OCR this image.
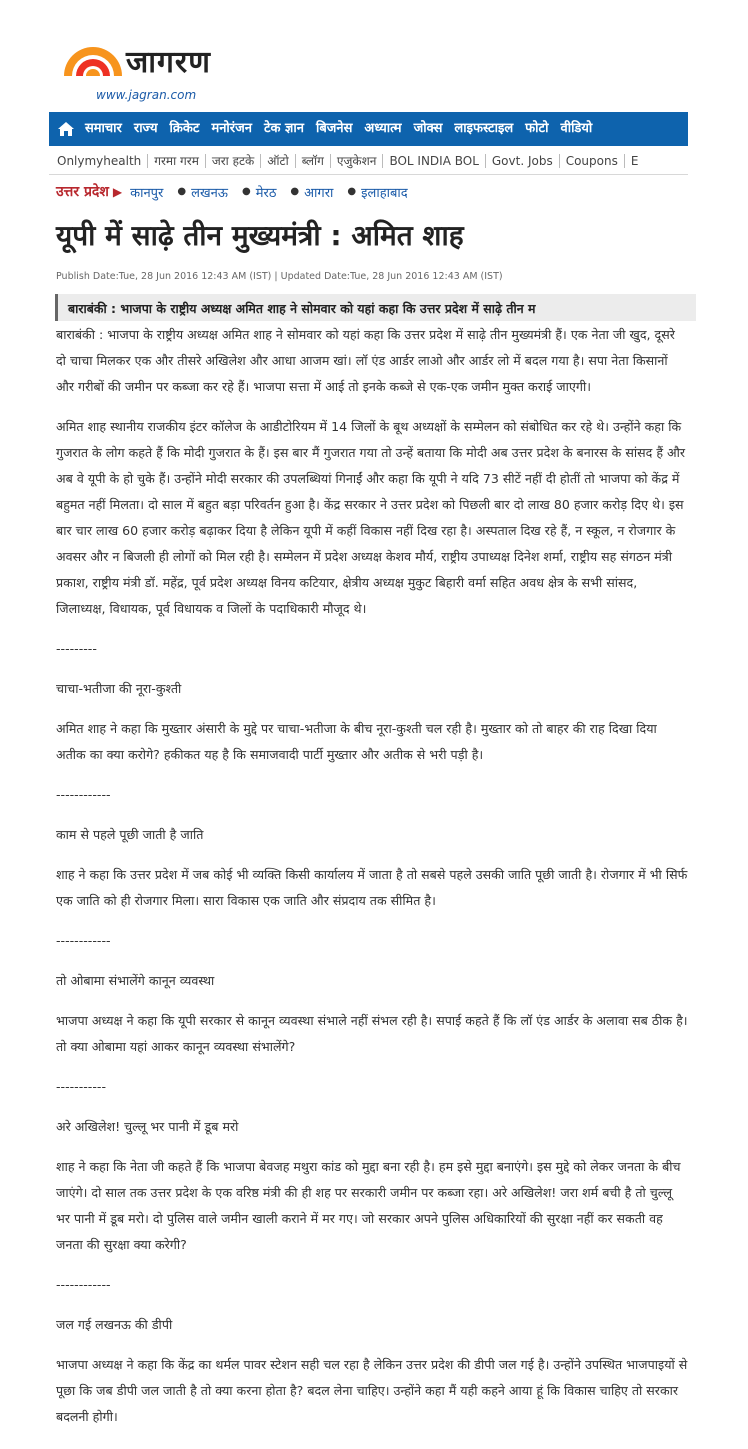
जागरण
www.jagran.com
समाचार राज्य क्रिकेट मनोरंजन टेक ज्ञान बिजनेस अध्यात्म जोक्स लाइफस्टाइल फोटो वीडियो
Onlymyhealth	गरमा गरम	जरा हटके	ऑटो	ब्लॉग	एजुकेशन	BOL INDIA BOL	Govt. Jobs	Coupons	E
उत्तर प्रदेश ▶ कानपुर ● लखनऊ ● मेरठ ● आगरा ● इलाहाबाद
यूपी में साढ़े तीन मुख्यमंत्री : अमित शाह
Publish Date:Tue, 28 Jun 2016 12:43 AM (IST) | Updated Date:Tue, 28 Jun 2016 12:43 AM (IST)
बाराबंकी : भाजपा के राष्ट्रीय अध्यक्ष अमित शाह ने सोमवार को यहां कहा कि उत्तर प्रदेश में साढ़े तीन म

बाराबंकी : भाजपा के राष्ट्रीय अध्यक्ष अमित शाह ने सोमवार को यहां कहा कि उत्तर प्रदेश में साढ़े तीन मुख्यमंत्री हैं। एक नेता जी खुद, दूसरे दो चाचा मिलकर एक और तीसरे अखिलेश और आधा आजम खां। लॉ एंड आर्डर लाओ और आर्डर लो में बदल गया है। सपा नेता किसानों और गरीबों की जमीन पर कब्जा कर रहे हैं। भाजपा सत्ता में आई तो इनके कब्जे से एक-एक जमीन मुक्त कराई जाएगी।

अमित शाह स्थानीय राजकीय इंटर कॉलेज के आडीटोरियम में 14 जिलों के बूथ अध्यक्षों के सम्मेलन को संबोधित कर रहे थे। उन्होंने कहा कि गुजरात के लोग कहते हैं कि मोदी गुजरात के हैं। इस बार मैं गुजरात गया तो उन्हें बताया कि मोदी अब उत्तर प्रदेश के बनारस के सांसद हैं और अब वे यूपी के हो चुके हैं। उन्होंने मोदी सरकार की उपलब्धियां गिनाईं और कहा कि यूपी ने यदि 73 सीटें नहीं दी होतीं तो भाजपा को केंद्र में बहुमत नहीं मिलता। दो साल में बहुत बड़ा परिवर्तन हुआ है। केंद्र सरकार ने उत्तर प्रदेश को पिछली बार दो लाख 80 हजार करोड़ दिए थे। इस बार चार लाख 60 हजार करोड़ बढ़ाकर दिया है लेकिन यूपी में कहीं विकास नहीं दिख रहा है। अस्पताल दिख रहे हैं, न स्कूल, न रोजगार के अवसर और न बिजली ही लोगों को मिल रही है। सम्मेलन में प्रदेश अध्यक्ष केशव मौर्य, राष्ट्रीय उपाध्यक्ष दिनेश शर्मा, राष्ट्रीय सह संगठन मंत्री प्रकाश, राष्ट्रीय मंत्री डॉ. महेंद्र, पूर्व प्रदेश अध्यक्ष विनय कटियार, क्षेत्रीय अध्यक्ष मुकुट बिहारी वर्मा सहित अवध क्षेत्र के सभी सांसद, जिलाध्यक्ष, विधायक, पूर्व विधायक व जिलों के पदाधिकारी मौजूद थे।

---------

चाचा-भतीजा की नूरा-कुश्ती

अमित शाह ने कहा कि मुख्तार अंसारी के मुद्दे पर चाचा-भतीजा के बीच नूरा-कुश्ती चल रही है। मुख्तार को तो बाहर की राह दिखा दिया अतीक का क्या करोगे? हकीकत यह है कि समाजवादी पार्टी मुख्तार और अतीक से भरी पड़ी है।

------------

काम से पहले पूछी जाती है जाति

शाह ने कहा कि उत्तर प्रदेश में जब कोई भी व्यक्ति किसी कार्यालय में जाता है तो सबसे पहले उसकी जाति पूछी जाती है। रोजगार में भी सिर्फ एक जाति को ही रोजगार मिला। सारा विकास एक जाति और संप्रदाय तक सीमित है।

------------

तो ओबामा संभालेंगे कानून व्यवस्था

भाजपा अध्यक्ष ने कहा कि यूपी सरकार से कानून व्यवस्था संभाले नहीं संभल रही है। सपाई कहते हैं कि लॉ एंड आर्डर के अलावा सब ठीक है। तो क्या ओबामा यहां आकर कानून व्यवस्था संभालेंगे?

-----------

अरे अखिलेश! चुल्लू भर पानी में डूब मरो

शाह ने कहा कि नेता जी कहते हैं कि भाजपा बेवजह मथुरा कांड को मुद्दा बना रही है। हम इसे मुद्दा बनाएंगे। इस मुद्दे को लेकर जनता के बीच जाएंगे। दो साल तक उत्तर प्रदेश के एक वरिष्ठ मंत्री की ही शह पर सरकारी जमीन पर कब्जा रहा। अरे अखिलेश! जरा शर्म बची है तो चुल्लू भर पानी में डूब मरो। दो पुलिस वाले जमीन खाली कराने में मर गए। जो सरकार अपने पुलिस अधिकारियों की सुरक्षा नहीं कर सकती वह जनता की सुरक्षा क्या करेगी?

------------

जल गई लखनऊ की डीपी

भाजपा अध्यक्ष ने कहा कि केंद्र का थर्मल पावर स्टेशन सही चल रहा है लेकिन उत्तर प्रदेश की डीपी जल गई है। उन्होंने उपस्थित भाजपाइयों से पूछा कि जब डीपी जल जाती है तो क्या करना होता है? बदल लेना चाहिए। उन्होंने कहा मैं यही कहने आया हूं कि विकास चाहिए तो सरकार बदलनी होगी।
